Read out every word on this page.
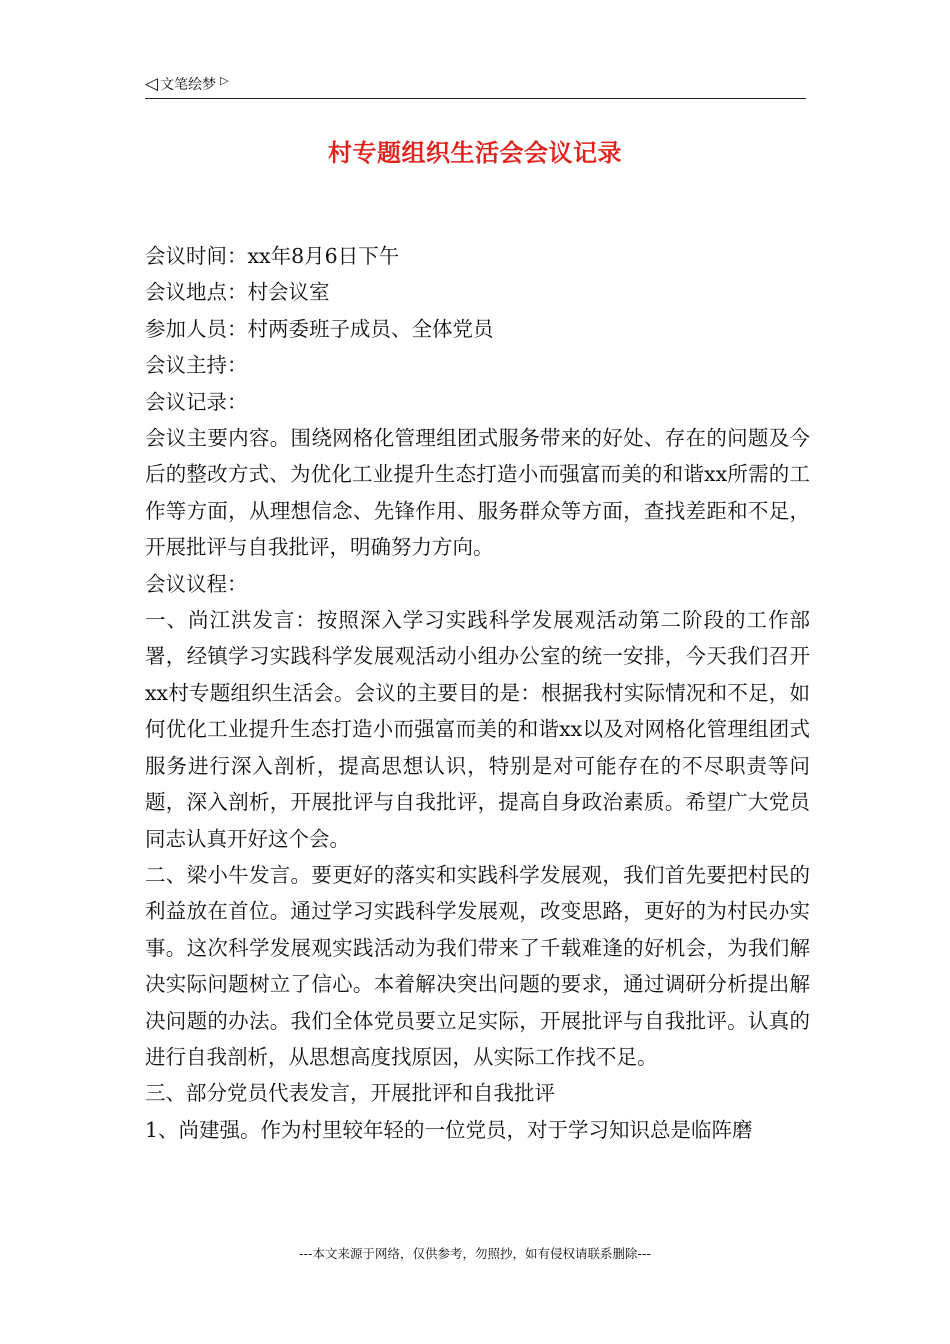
◁ 文笔绘梦 ▷
村专题组织生活会会议记录

会议时间：xx年8月6日下午

会议地点：村会议室

参加人员：村两委班子成员、全体党员

会议主持：

会议记录：

会议主要内容。围绕网格化管理组团式服务带来的好处、存在的问题及今后的整改方式、为优化工业提升生态打造小而强富而美的和谐xx所需的工作等方面，从理想信念、先锋作用、服务群众等方面，查找差距和不足，开展批评与自我批评，明确努力方向。

会议议程：

一、尚江洪发言：按照深入学习实践科学发展观活动第二阶段的工作部署，经镇学习实践科学发展观活动小组办公室的统一安排，今天我们召开xx村专题组织生活会。会议的主要目的是：根据我村实际情况和不足，如何优化工业提升生态打造小而强富而美的和谐xx以及对网格化管理组团式服务进行深入剖析，提高思想认识，特别是对可能存在的不尽职责等问题，深入剖析，开展批评与自我批评，提高自身政治素质。希望广大党员同志认真开好这个会。

二、梁小牛发言。要更好的落实和实践科学发展观，我们首先要把村民的利益放在首位。通过学习实践科学发展观，改变思路，更好的为村民办实事。这次科学发展观实践活动为我们带来了千载难逢的好机会，为我们解决实际问题树立了信心。本着解决突出问题的要求，通过调研分析提出解决问题的办法。我们全体党员要立足实际，开展批评与自我批评。认真的进行自我剖析，从思想高度找原因，从实际工作找不足。

三、部分党员代表发言，开展批评和自我批评

1、尚建强。作为村里较年轻的一位党员，对于学习知识总是临阵磨

---本文来源于网络，仅供参考，勿照抄，如有侵权请联系删除---
